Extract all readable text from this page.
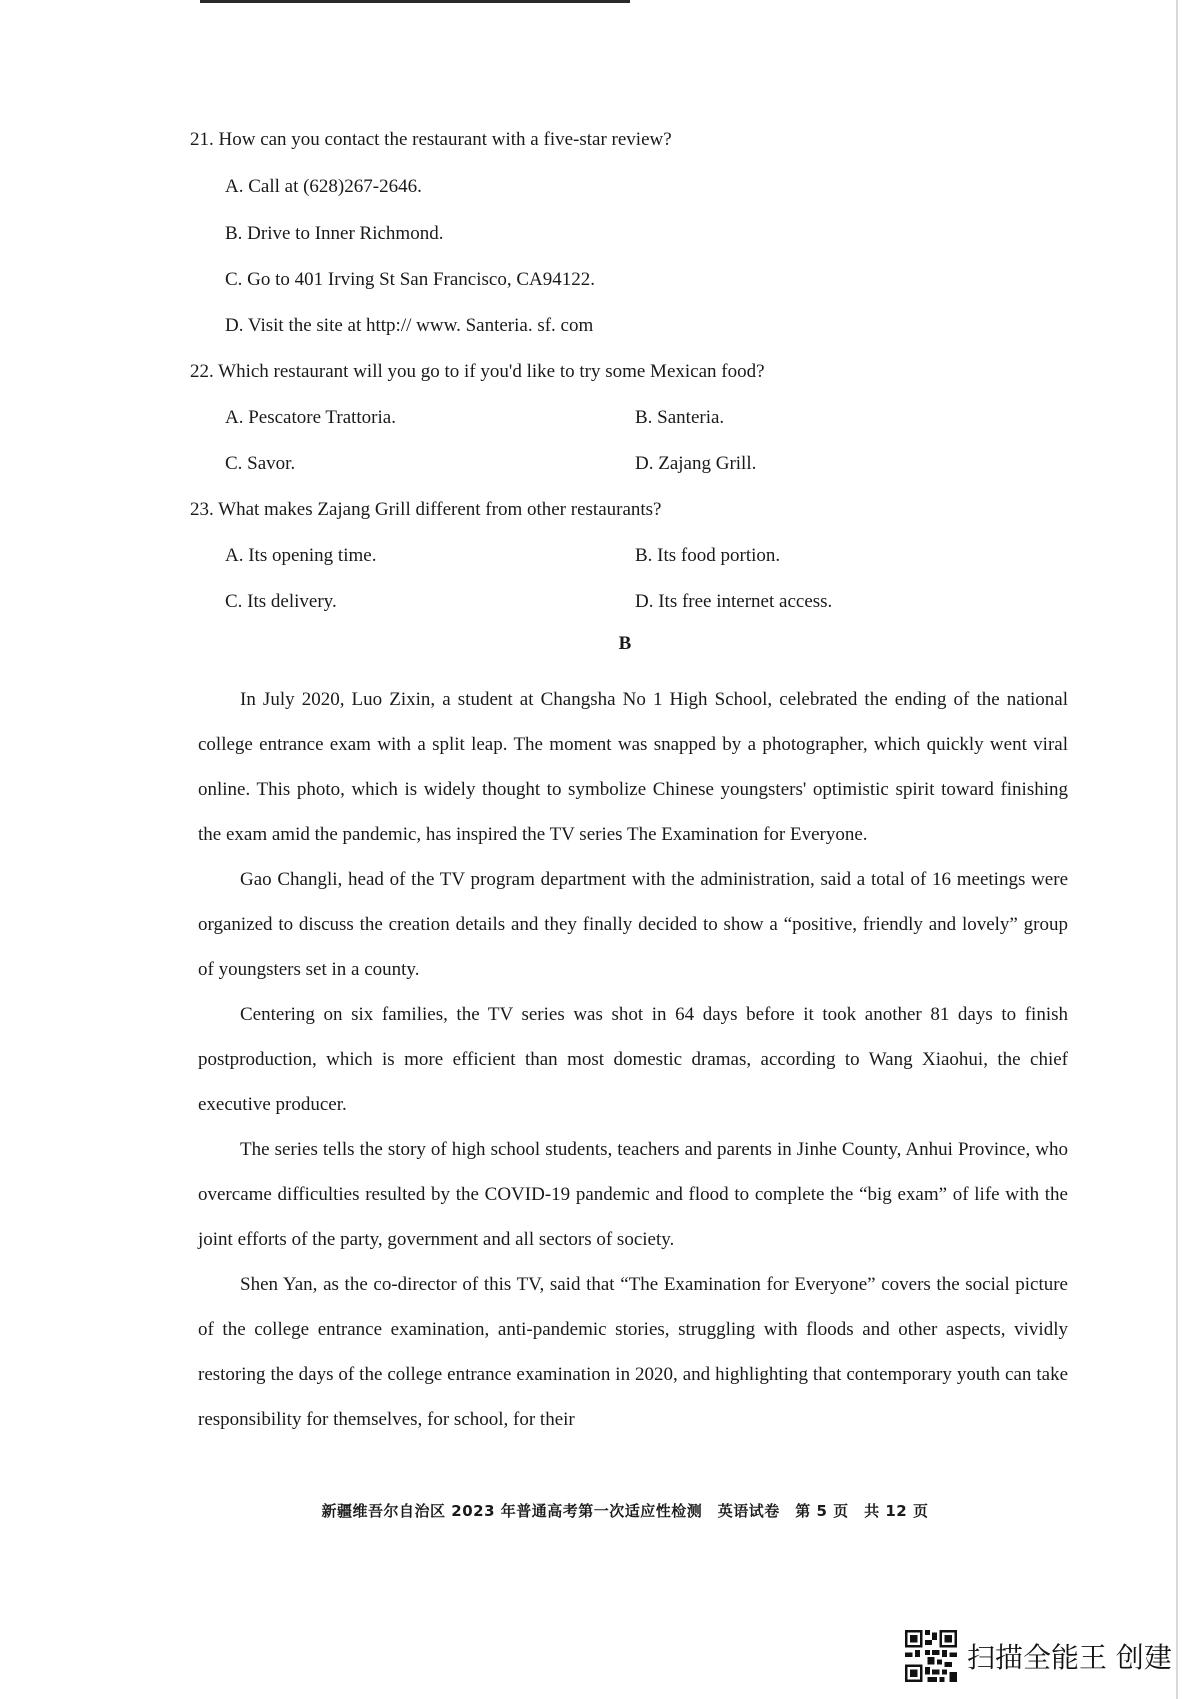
21. How can you contact the restaurant with a five-star review?
A. Call at (628)267-2646.
B. Drive to Inner Richmond.
C. Go to 401 Irving St San Francisco, CA94122.
D. Visit the site at http:// www. Santeria. sf. com
22. Which restaurant will you go to if you'd like to try some Mexican food?
A. Pescatore Trattoria.	B. Santeria.
C. Savor.	D. Zajang Grill.
23. What makes Zajang Grill different from other restaurants?
A. Its opening time.	B. Its food portion.
C. Its delivery.	D. Its free internet access.
B

In July 2020, Luo Zixin, a student at Changsha No 1 High School, celebrated the ending of the national college entrance exam with a split leap. The moment was snapped by a photographer, which quickly went viral online. This photo, which is widely thought to symbolize Chinese youngsters' optimistic spirit toward finishing the exam amid the pandemic, has inspired the TV series The Examination for Everyone.

Gao Changli, head of the TV program department with the administration, said a total of 16 meetings were organized to discuss the creation details and they finally decided to show a “positive, friendly and lovely” group of youngsters set in a county.

Centering on six families, the TV series was shot in 64 days before it took another 81 days to finish postproduction, which is more efficient than most domestic dramas, according to Wang Xiaohui, the chief executive producer.

The series tells the story of high school students, teachers and parents in Jinhe County, Anhui Province, who overcame difficulties resulted by the COVID-19 pandemic and flood to complete the “big exam” of life with the joint efforts of the party, government and all sectors of society.

Shen Yan, as the co-director of this TV, said that “The Examination for Everyone” covers the social picture of the college entrance examination, anti-pandemic stories, struggling with floods and other aspects, vividly restoring the days of the college entrance examination in 2020, and highlighting that contemporary youth can take responsibility for themselves, for school, for their

新疆维吾尔自治区 2023 年普通高考第一次适应性检测　英语试卷　第 5 页　共 12 页
扫描全能王 创建
